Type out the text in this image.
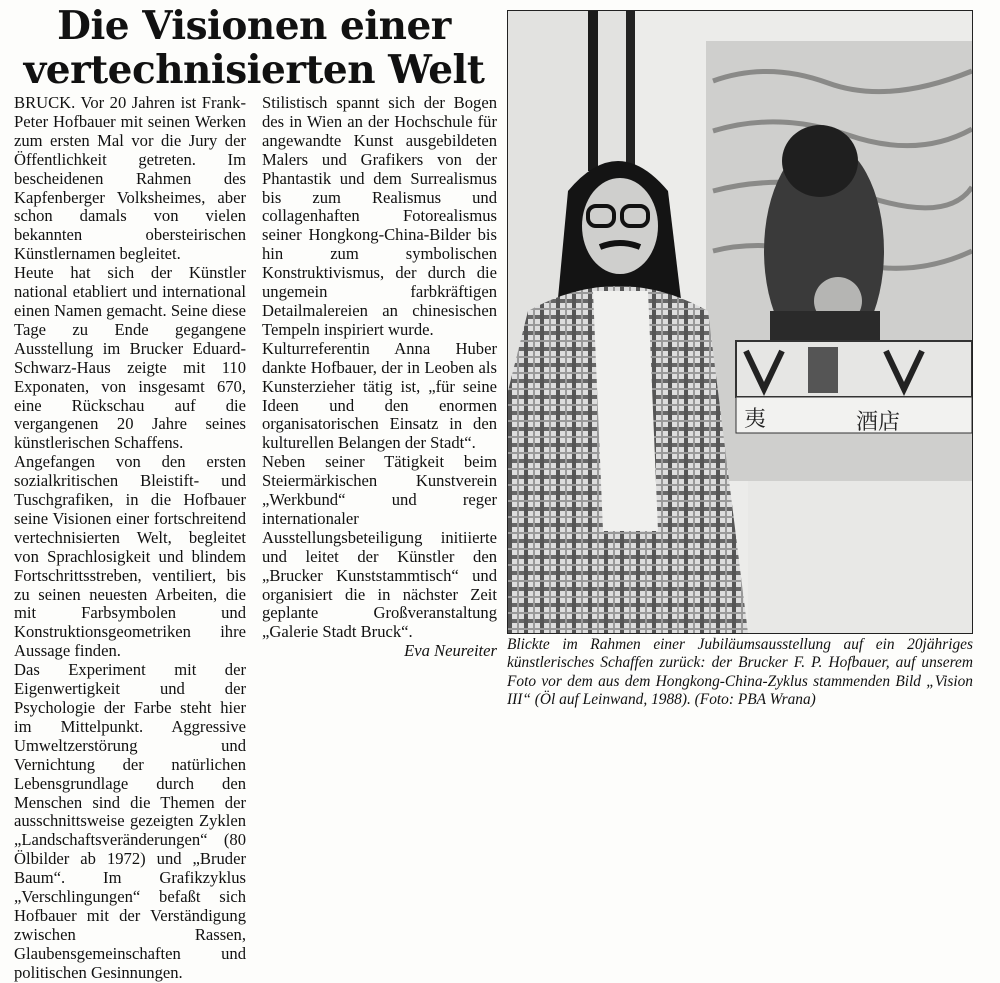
Die Visionen einer
vertechnisierten Welt

BRUCK. Vor 20 Jahren ist Frank-Peter Hofbauer mit seinen Werken zum ersten Mal vor die Jury der Öffentlichkeit getreten. Im bescheidenen Rahmen des Kapfenberger Volksheimes, aber schon damals von vielen bekannten obersteirischen Künstlernamen begleitet.

Heute hat sich der Künstler national etabliert und international einen Namen gemacht. Seine diese Tage zu Ende gegangene Ausstellung im Brucker Eduard-Schwarz-Haus zeigte mit 110 Exponaten, von insgesamt 670, eine Rückschau auf die vergangenen 20 Jahre seines künstlerischen Schaffens.

Angefangen von den ersten sozialkritischen Bleistift- und Tuschgrafiken, in die Hofbauer seine Visionen einer fortschreitend vertechnisierten Welt, begleitet von Sprachlosigkeit und blindem Fortschrittsstreben, ventiliert, bis zu seinen neuesten Arbeiten, die mit Farbsymbolen und Konstruktionsgeometriken ihre Aussage finden.

Das Experiment mit der Eigenwertigkeit und der Psychologie der Farbe steht hier im Mittelpunkt. Aggressive Umweltzerstörung und Vernichtung der natürlichen Lebensgrundlage durch den Menschen sind die Themen der ausschnittsweise gezeigten Zyklen „Landschaftsveränderungen“ (80 Ölbilder ab 1972) und „Bruder Baum“. Im Grafikzyklus „Verschlingungen“ befaßt sich Hofbauer mit der Verständigung zwischen Rassen, Glaubensgemeinschaften und politischen Gesinnungen.

Stilistisch spannt sich der Bogen des in Wien an der Hochschule für angewandte Kunst ausgebildeten Malers und Grafikers von der Phantastik und dem Surrealismus bis zum Realismus und collagenhaften Fotorealismus seiner Hongkong-China-Bilder bis hin zum symbolischen Konstruktivismus, der durch die ungemein farbkräftigen Detailmalereien an chinesischen Tempeln inspiriert wurde.

Kulturreferentin Anna Huber dankte Hofbauer, der in Leoben als Kunsterzieher tätig ist, „für seine Ideen und den enormen organisatorischen Einsatz in den kulturellen Belangen der Stadt“.

Neben seiner Tätigkeit beim Steiermärkischen Kunstverein „Werkbund“ und reger internationaler Ausstellungsbeteiligung initiierte und leitet der Künstler den „Brucker Kunststammtisch“ und organisiert die in nächster Zeit geplante Großveranstaltung „Galerie Stadt Bruck“.

Eva Neureiter
夷	酒店

Blickte im Rahmen einer Jubiläumsausstellung auf ein 20jähriges künstlerisches Schaffen zurück: der Brucker F. P. Hofbauer, auf unserem Foto vor dem aus dem Hongkong-China-Zyklus stammenden Bild „Vision III“ (Öl auf Leinwand, 1988). (Foto: PBA Wrana)
